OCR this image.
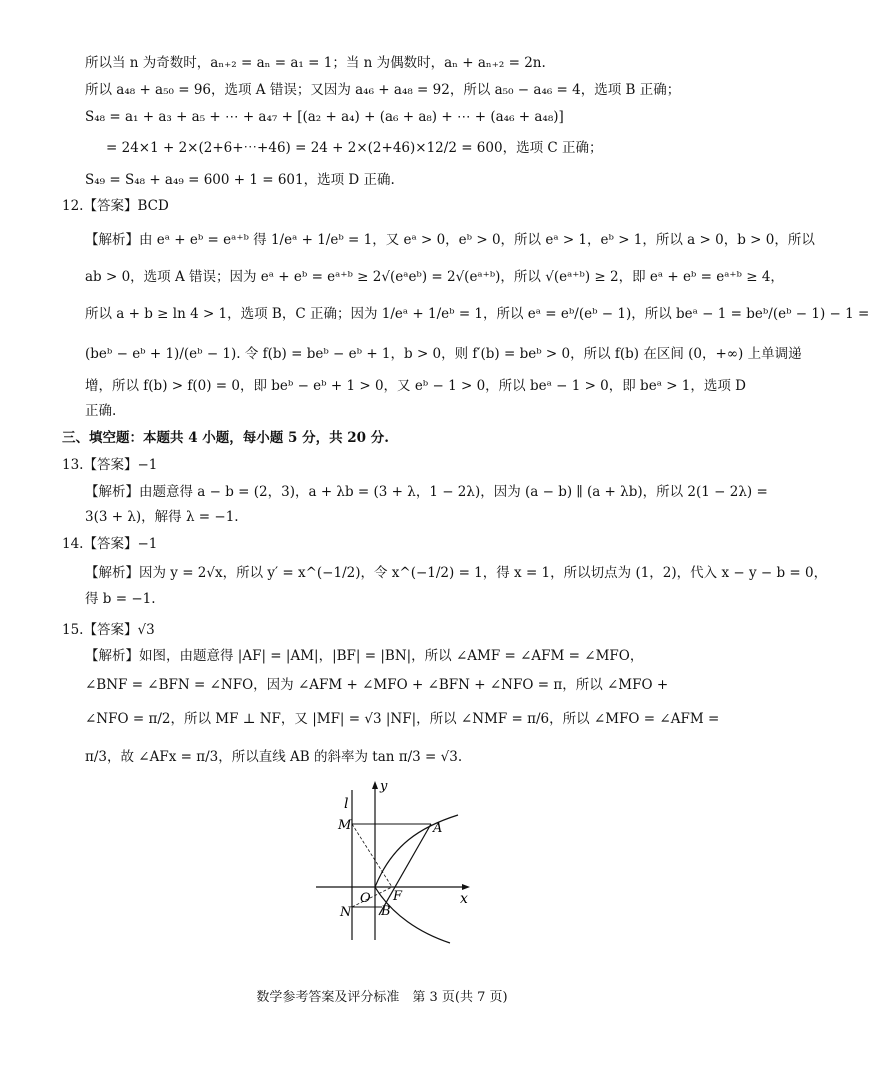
所以当 n 为奇数时，aₙ₊₂ = aₙ = a₁ = 1；当 n 为偶数时，aₙ + aₙ₊₂ = 2n.
所以 a₄₈ + a₅₀ = 96，选项 A 错误；又因为 a₄₆ + a₄₈ = 92，所以 a₅₀ − a₄₆ = 4，选项 B 正确；
S₄₈ = a₁ + a₃ + a₅ + ⋯ + a₄₇ + [(a₂ + a₄) + (a₆ + a₈) + ⋯ + (a₄₆ + a₄₈)]
= 24×1 + 2×(2+6+⋯+46) = 24 + 2×(2+46)×12/2 = 600，选项 C 正确；
S₄₉ = S₄₈ + a₄₉ = 600 + 1 = 601，选项 D 正确.
12.【答案】BCD
【解析】由 eᵃ + eᵇ = eᵃ⁺ᵇ 得 1/eᵃ + 1/eᵇ = 1，又 eᵃ > 0，eᵇ > 0，所以 eᵃ > 1，eᵇ > 1，所以 a > 0，b > 0，所以
ab > 0，选项 A 错误；因为 eᵃ + eᵇ = eᵃ⁺ᵇ ≥ 2√(eᵃeᵇ) = 2√(eᵃ⁺ᵇ)，所以 √(eᵃ⁺ᵇ) ≥ 2，即 eᵃ + eᵇ = eᵃ⁺ᵇ ≥ 4，
所以 a + b ≥ ln 4 > 1，选项 B，C 正确；因为 1/eᵃ + 1/eᵇ = 1，所以 eᵃ = eᵇ/(eᵇ − 1)，所以 beᵃ − 1 = beᵇ/(eᵇ − 1) − 1 =
(beᵇ − eᵇ + 1)/(eᵇ − 1). 令 f(b) = beᵇ − eᵇ + 1，b > 0，则 f′(b) = beᵇ > 0，所以 f(b) 在区间 (0，+∞) 上单调递
增，所以 f(b) > f(0) = 0，即 beᵇ − eᵇ + 1 > 0，又 eᵇ − 1 > 0，所以 beᵃ − 1 > 0，即 beᵃ > 1，选项 D
正确.
三、填空题：本题共 4 小题，每小题 5 分，共 20 分.
13.【答案】−1
【解析】由题意得 a − b = (2，3)，a + λb = (3 + λ，1 − 2λ)，因为 (a − b) ∥ (a + λb)，所以 2(1 − 2λ) =
3(3 + λ)，解得 λ = −1.
14.【答案】−1
【解析】因为 y = 2√x，所以 y′ = x^(−1/2)，令 x^(−1/2) = 1，得 x = 1，所以切点为 (1，2)，代入 x − y − b = 0，
得 b = −1.
15.【答案】√3
【解析】如图，由题意得 |AF| = |AM|，|BF| = |BN|，所以 ∠AMF = ∠AFM = ∠MFO，
∠BNF = ∠BFN = ∠NFO，因为 ∠AFM + ∠MFO + ∠BFN + ∠NFO = π，所以 ∠MFO +
∠NFO = π/2，所以 MF ⊥ NF，又 |MF| = √3 |NF|，所以 ∠NMF = π/6，所以 ∠MFO = ∠AFM =
π/3，故 ∠AFx = π/3，所以直线 AB 的斜率为 tan π/3 = √3.
l
y
M	A
O F	x
N B
数学参考答案及评分标准　第 3 页(共 7 页)
